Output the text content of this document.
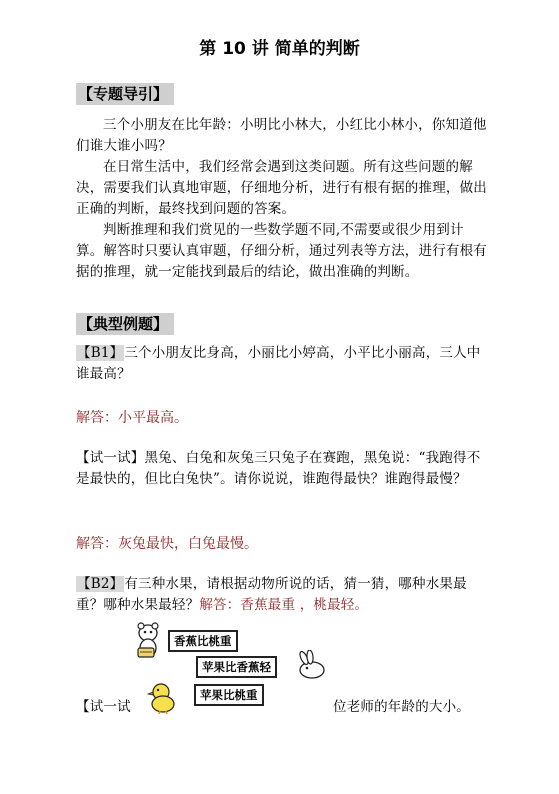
第 10 讲 简单的判断
【专题导引】
三个小朋友在比年龄：小明比小林大，小红比小林小，你知道他们谁大谁小吗？
在日常生活中，我们经常会遇到这类问题。所有这些问题的解决，需要我们认真地审题，仔细地分析，进行有根有据的推理，做出正确的判断，最终找到问题的答案。
判断推理和我们赏见的一些数学题不同,不需要或很少用到计算。解答时只要认真审题，仔细分析，通过列表等方法，进行有根有据的推理，就一定能找到最后的结论，做出准确的判断。
【典型例题】
【B1】三个小朋友比身高，小丽比小婷高，小平比小丽高，三人中谁最高？
解答：小平最高。
【试一试】黑兔、白兔和灰兔三只兔子在赛跑，黑兔说：“我跑得不是最快的，但比白兔快”。请你说说，谁跑得最快？谁跑得最慢？
解答：灰兔最快，白兔最慢。
【B2】有三种水果，请根据动物所说的话，猜一猜，哪种水果最重？哪种水果最轻？解答：香蕉最重 ，桃最轻。
香蕉比桃重
苹果比香蕉轻
苹果比桃重
【试一试	位老师的年龄的大小。
